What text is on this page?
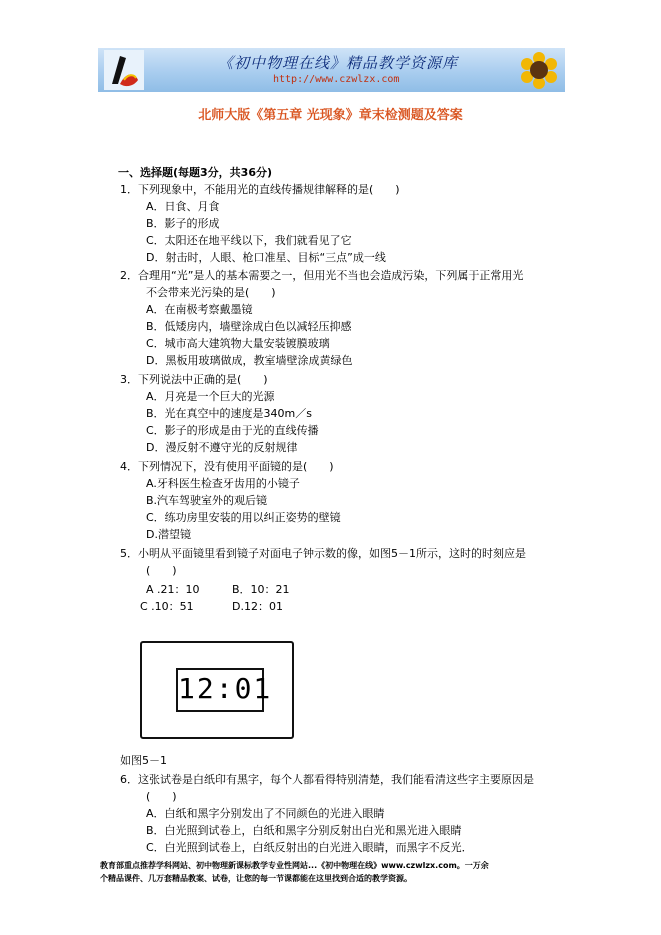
《初中物理在线》精品教学资源库
http://www.czwlzx.com
北师大版《第五章 光现象》章末检测题及答案
一、选择题(每题3分，共36分)
1．下列现象中，不能用光的直线传播规律解释的是(　　)
A．日食、月食
B．影子的形成
C．太阳还在地平线以下，我们就看见了它
D．射击时，人眼、枪口准星、目标“三点”成一线
2．合理用“光”是人的基本需要之一，但用光不当也会造成污染，下列属于正常用光
不会带来光污染的是(　　)
A．在南极考察戴墨镜
B．低矮房内，墙壁涂成白色以减轻压抑感
C．城市高大建筑物大量安装镀膜玻璃
D．黑板用玻璃做成，教室墙壁涂成黄绿色
3．下列说法中正确的是(　　)
A．月亮是一个巨大的光源
B．光在真空中的速度是340m／s
C．影子的形成是由于光的直线传播
D．漫反射不遵守光的反射规律
4．下列情况下，没有使用平面镜的是(　　)
A.牙科医生检查牙齿用的小镜子
B.汽车驾驶室外的观后镜
C．练功房里安装的用以纠正姿势的壁镜
D.潜望镜
5．小明从平面镜里看到镜子对面电子钟示数的像，如图5－1所示，这时的时刻应是
(　　)
A .21：10	B．10：21
C .10：51	D.12：01
12:01
如图5－1
6．这张试卷是白纸印有黑字，每个人都看得特别清楚，我们能看清这些字主要原因是
(　　)
A．白纸和黑字分别发出了不同颜色的光进入眼睛
B．白光照到试卷上，白纸和黑字分别反射出白光和黑光进入眼睛
C．白光照到试卷上，白纸反射出的白光进入眼睛，而黑字不反光．
教育部重点推荐学科网站、初中物理新课标教学专业性网站...《初中物理在线》www.czwlzx.com。一万余
个精品课件、几万套精品教案、试卷，让您的每一节课都能在这里找到合适的教学资源。
